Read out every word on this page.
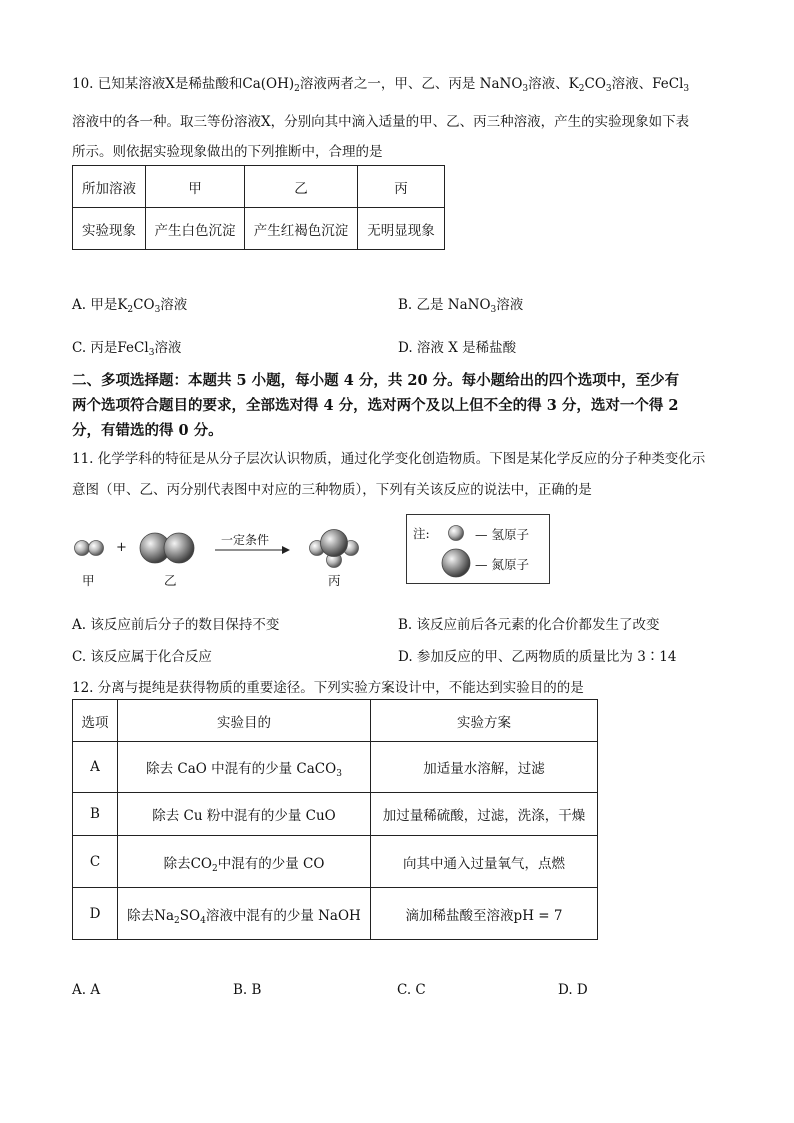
10. 已知某溶液X是稀盐酸和$Ca(OH)_2$溶液两者之一，甲、乙、丙是 NaNO$_3$溶液、$K_2CO_3$溶液、FeCl$_3$
溶液中的各一种。取三等份溶液X，分别向其中滴入适量的甲、乙、丙三种溶液，产生的实验现象如下表
所示。则依据实验现象做出的下列推断中，合理的是
所加溶液	甲	乙	丙
实验现象	产生白色沉淀	产生红褐色沉淀	无明显现象
A. 甲是$K_2CO_3$溶液	B. 乙是 NaNO$_3$溶液
C. 丙是FeCl$_3$溶液	D. 溶液 X 是稀盐酸
二、多项选择题：本题共 5 小题，每小题 4 分，共 20 分。每小题给出的四个选项中，至少有
两个选项符合题目的要求，全部选对得 4 分，选对两个及以上但不全的得 3 分，选对一个得 2
分，有错选的得 0 分。
11. 化学学科的特征是从分子层次认识物质，通过化学变化创造物质。下图是某化学反应的分子种类变化示
意图（甲、乙、丙分别代表图中对应的三种物质），下列有关该反应的说法中，正确的是
+	一定条件
甲	乙	丙
注:	— 氢原子
— 氮原子
A. 该反应前后分子的数目保持不变	B. 该反应前后各元素的化合价都发生了改变
C. 该反应属于化合反应	D. 参加反应的甲、乙两物质的质量比为 3∶14
12. 分离与提纯是获得物质的重要途径。下列实验方案设计中，不能达到实验目的的是
选项	实验目的	实验方案
A	除去 CaO 中混有的少量 CaCO$_3$	加适量水溶解，过滤
B	除去 Cu 粉中混有的少量 CuO	加过量稀硫酸，过滤，洗涤，干燥
C	除去$CO_2$中混有的少量 CO	向其中通入过量氧气，点燃
D	除去$Na_2SO_4$溶液中混有的少量 NaOH	滴加稀盐酸至溶液pH = 7
A. A	B. B	C. C	D. D
